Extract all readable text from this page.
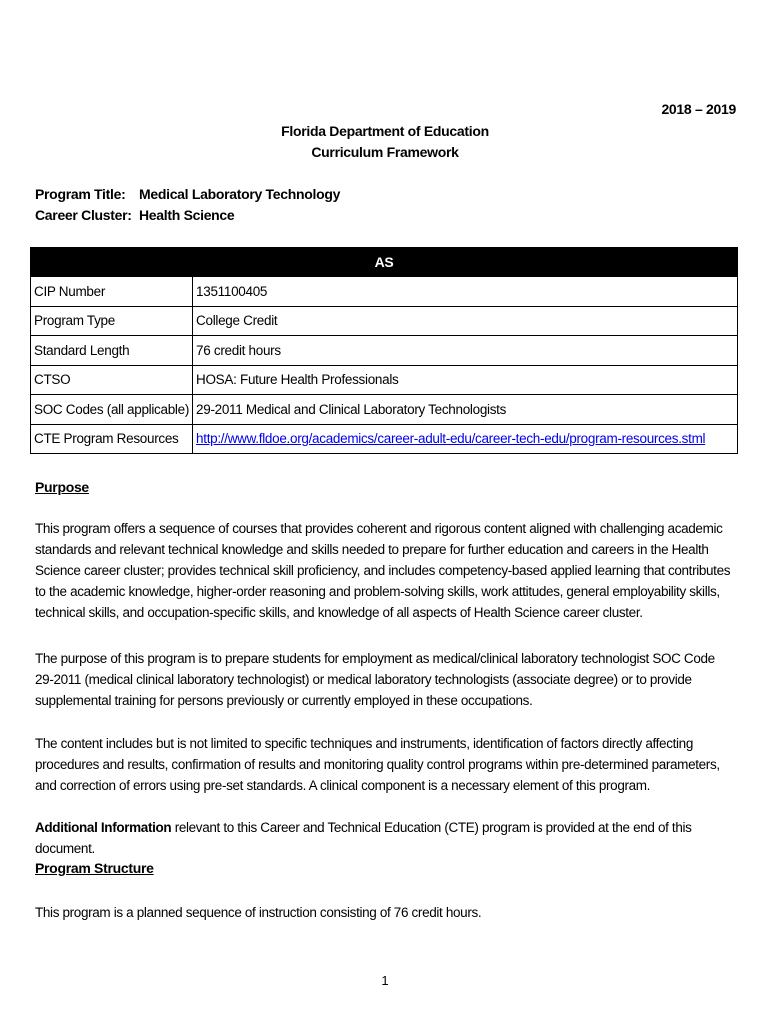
2018 – 2019
Florida Department of Education
Curriculum Framework
Program Title: Medical Laboratory Technology
Career Cluster: Health Science
AS	
CIP Number	1351100405
Program Type	College Credit
Standard Length	76 credit hours
CTSO	HOSA: Future Health Professionals
SOC Codes (all applicable)	29-2011 Medical and Clinical Laboratory Technologists
CTE Program Resources	http://www.fldoe.org/academics/career-adult-edu/career-tech-edu/program-resources.stml
Purpose
This program offers a sequence of courses that provides coherent and rigorous content aligned with challenging academic standards and relevant technical knowledge and skills needed to prepare for further education and careers in the Health Science career cluster; provides technical skill proficiency, and includes competency-based applied learning that contributes to the academic knowledge, higher-order reasoning and problem-solving skills, work attitudes, general employability skills, technical skills, and occupation-specific skills, and knowledge of all aspects of Health Science career cluster.
The purpose of this program is to prepare students for employment as medical/clinical laboratory technologist SOC Code 29-2011 (medical clinical laboratory technologist) or medical laboratory technologists (associate degree) or to provide supplemental training for persons previously or currently employed in these occupations.
The content includes but is not limited to specific techniques and instruments, identification of factors directly affecting procedures and results, confirmation of results and monitoring quality control programs within pre-determined parameters, and correction of errors using pre-set standards. A clinical component is a necessary element of this program.
Additional Information relevant to this Career and Technical Education (CTE) program is provided at the end of this document.
Program Structure
This program is a planned sequence of instruction consisting of 76 credit hours.
1
